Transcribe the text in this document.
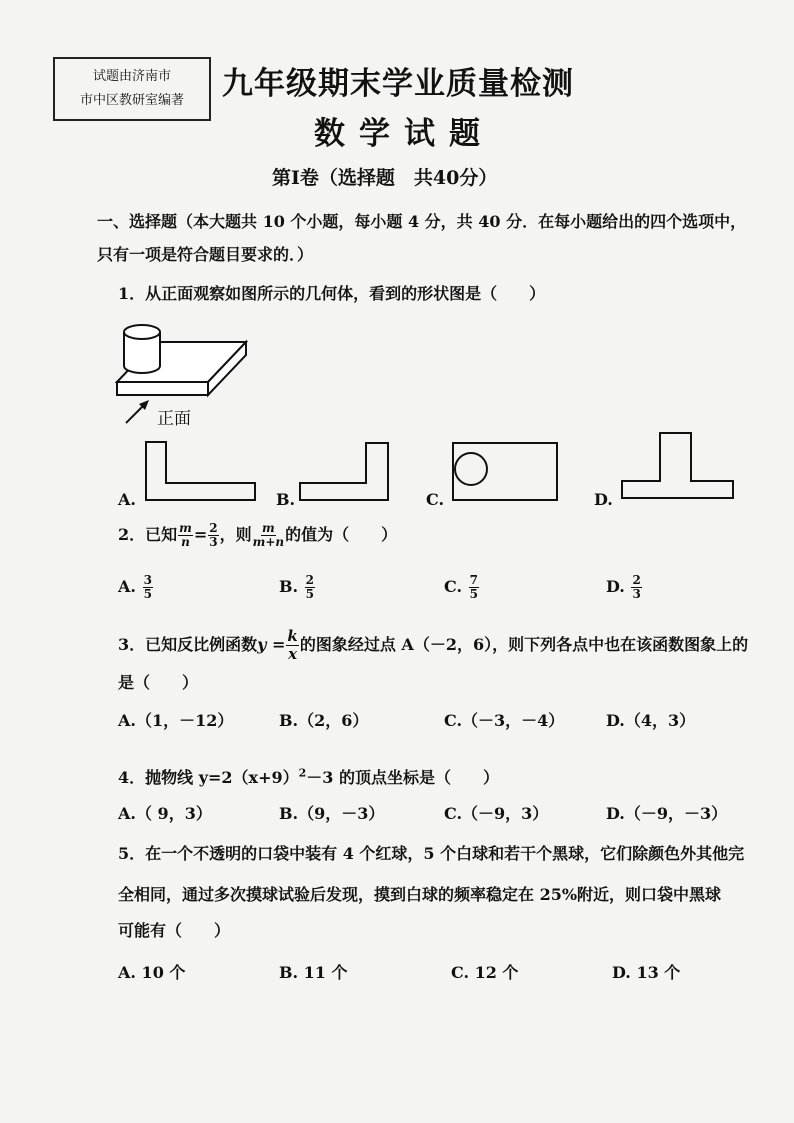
试题由济南市
市中区教研室编著	九年级期末学业质量检测
数学试题
第Ⅰ卷（选择题　共40分）
一、选择题（本大题共 10 个小题，每小题 4 分，共 40 分．在每小题给出的四个选项中，
只有一项是符合题目要求的．）
1．从正面观察如图所示的几何体，看到的形状图是（　　）
正面
A.	B.	C.	D.
2．已知 $\frac{m}{n} = \frac{2}{3}$ ，则 $\frac{m}{m+n}$ 的值为（　　）
A. $\frac{3}{5}$	B. $\frac{2}{5}$	C. $\frac{7}{5}$	D. $\frac{2}{3}$
3．已知反比例函数$y = \frac{k}{x}$ 的图象经过点 A（－2，6），则下列各点中也在该函数图象上的
是（　　）
A.（1，－12）	B.（2，6）	C.（－3，－4）	D.（4，3）
4．抛物线 $y=2(x+9)^2-3$ 的顶点坐标是（　　）
A.（ 9，3）	B.（9，－3）	C.（－9，3）	D.（－9，－3）
5．在一个不透明的口袋中装有 4 个红球，5 个白球和若干个黑球，它们除颜色外其他完
全相同，通过多次摸球试验后发现，摸到白球的频率稳定在 25%附近，则口袋中黑球
可能有（　　）
A. 10 个	B. 11 个	C. 12 个	D. 13 个
